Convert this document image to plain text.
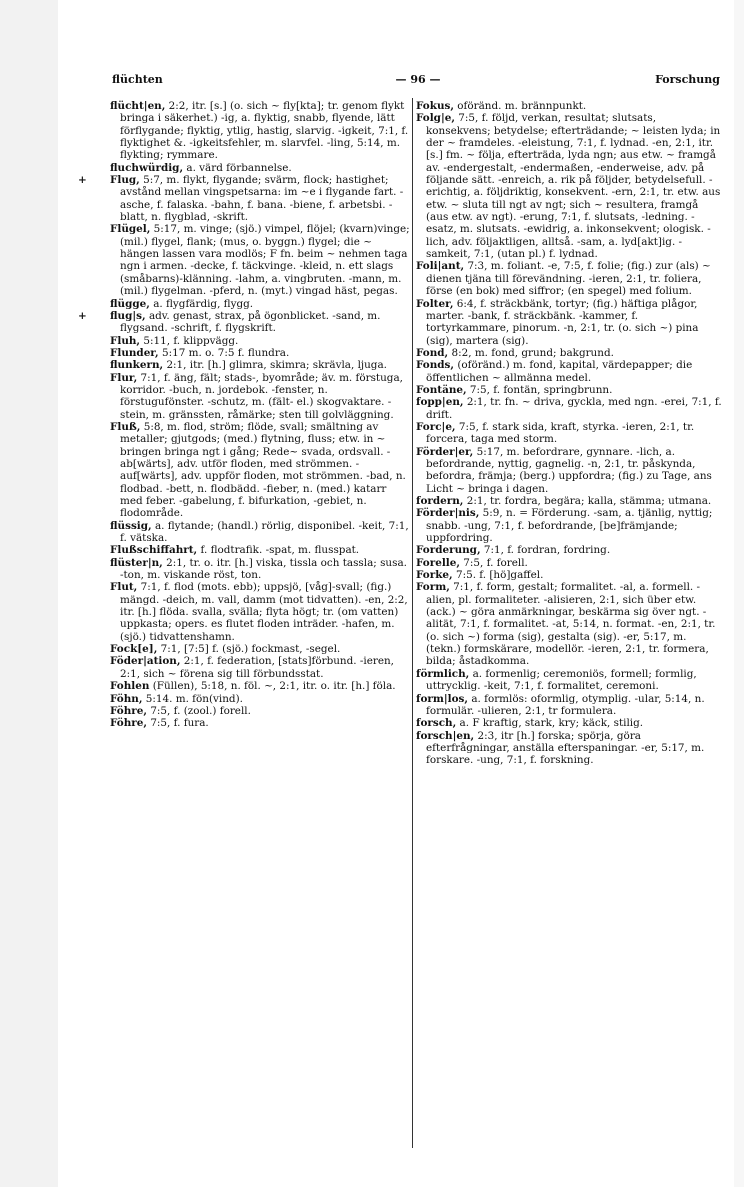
flüchten	— 96 —	Forschung

flücht|en, 2:2, itr. [s.] (o. sich ~ fly[kta]; tr. genom flykt bringa i säkerhet.) -ig, a. flyktig, snabb, flyende, lätt förflygande; flyktig, ytlig, hastig, slarvig. -igkeit, 7:1, f. flyktighet &. -igkeitsfehler, m. slarvfel. -ling, 5:14, m. flykting; rymmare.

fluchwürdig, a. värd förbannelse.

+ Flug, 5:7, m. flykt, flygande; svärm, flock; hastighet; avstånd mellan vingspetsarna: im ~e i flygande fart. -asche, f. falaska. -bahn, f. bana. -biene, f. arbetsbi. -blatt, n. flygblad, -skrift.

Flügel, 5:17, m. vinge; (sjö.) vimpel, flöjel; (kvarn)vinge; (mil.) flygel, flank; (mus, o. byggn.) flygel; die ~ hängen lassen vara modlös; F fn. beim ~ nehmen taga ngn i armen. -decke, f. täckvinge. -kleid, n. ett slags (småbarns)-klänning. -lahm, a. vingbruten. -mann, m. (mil.) flygelman. -pferd, n. (myt.) vingad häst, pegas.

flügge, a. flygfärdig, flygg.

+ flug|s, adv. genast, strax, på ögonblicket. -sand, m. flygsand. -schrift, f. flygskrift.

Fluh, 5:11, f. klippvägg.

Flunder, 5:17 m. o. 7:5 f. flundra.

flunkern, 2:1, itr. [h.] glimra, skimra; skrävla, ljuga.

Flur, 7:1, f. äng, fält; stads-, byområde; äv. m. förstuga, korridor. -buch, n. jordebok. -fenster, n. förstugufönster. -schutz, m. (fält- el.) skogvaktare. -stein, m. gränssten, råmärke; sten till golvläggning.

Fluß, 5:8, m. flod, ström; flöde, svall; smältning av metaller; gjutgods; (med.) flytning, fluss; etw. in ~ bringen bringa ngt i gång; Rede~ svada, ordsvall. -ab[wärts], adv. utför floden, med strömmen. -auf[wärts], adv. uppför floden, mot strömmen. -bad, n. flodbad. -bett, n. flodbädd. -fieber, n. (med.) katarr med feber. -gabelung, f. bifurkation, -gebiet, n. flodområde.

flüssig, a. flytande; (handl.) rörlig, disponibel. -keit, 7:1, f. vätska.

Flußschiffahrt, f. flodtrafik. -spat, m. flusspat.

flüster|n, 2:1, tr. o. itr. [h.] viska, tissla och tassla; susa. -ton, m. viskande röst, ton.

Flut, 7:1, f. flod (mots. ebb); uppsjö, [våg]-svall; (fig.) mängd. -deich, m. vall, damm (mot tidvatten). -en, 2:2, itr. [h.] flöda. svalla, svälla; flyta högt; tr. (om vatten) uppkasta; opers. es flutet floden inträder. -hafen, m. (sjö.) tidvattenshamn.

Fock[e], 7:1, [7:5] f. (sjö.) fockmast, -segel.

Föder|ation, 2:1, f. federation, [stats]förbund. -ieren, 2:1, sich ~ förena sig till förbundsstat.

Fohlen (Füllen), 5:18, n. föl. ~, 2:1, itr. o. itr. [h.] föla.

Föhn, 5:14. m. fön(vind).

Föhre, 7:5, f. (zool.) forell.

Föhre, 7:5, f. fura.

Fokus, oföränd. m. brännpunkt.

Folg|e, 7:5, f. följd, verkan, resultat; slutsats, konsekvens; betydelse; efterträdande; ~ leisten lyda; in der ~ framdeles. -eleistung, 7:1, f. lydnad. -en, 2:1, itr. [s.] fm. ~ följa, efterträda, lyda ngn; aus etw. ~ framgå av. -endergestalt, -endermaßen, -enderweise, adv. på följande sätt. -enreich, a. rik på följder, betydelsefull. -erichtig, a. följdriktig, konsekvent. -ern, 2:1, tr. etw. aus etw. ~ sluta till ngt av ngt; sich ~ resultera, framgå (aus etw. av ngt). -erung, 7:1, f. slutsats, -ledning. -esatz, m. slutsats. -ewidrig, a. inkonsekvent; ologisk. -lich, adv. följaktligen, alltså. -sam, a. lyd[akt]ig. -samkeit, 7:1, (utan pl.) f. lydnad.

Foli|ant, 7:3, m. foliant. -e, 7:5, f. folie; (fig.) zur (als) ~ dienen tjäna till förevändning. -ieren, 2:1, tr. foliera, förse (en bok) med siffror; (en spegel) med folium.

Folter, 6:4, f. sträckbänk, tortyr; (fig.) häftiga plågor, marter. -bank, f. sträckbänk. -kammer, f. tortyrkammare, pinorum. -n, 2:1, tr. (o. sich ~) pina (sig), martera (sig).

Fond, 8:2, m. fond, grund; bakgrund.

Fonds, (oföränd.) m. fond, kapital, värdepapper; die öffentlichen ~ allmänna medel.

Fontäne, 7:5, f. fontän, springbrunn.

fopp|en, 2:1, tr. fn. ~ driva, gyckla, med ngn. -erei, 7:1, f. drift.

Forc|e, 7:5, f. stark sida, kraft, styrka. -ieren, 2:1, tr. forcera, taga med storm.

Förder|er, 5:17, m. befordrare, gynnare. -lich, a. befordrande, nyttig, gagnelig. -n, 2:1, tr. påskynda, befordra, främja; (berg.) uppfordra; (fig.) zu Tage, ans Licht ~ bringa i dagen.

fordern, 2:1, tr. fordra, begära; kalla, stämma; utmana.

Förder|nis, 5:9, n. = Förderung. -sam, a. tjänlig, nyttig; snabb. -ung, 7:1, f. befordrande, [be]främjande; uppfordring.

Forderung, 7:1, f. fordran, fordring.

Forelle, 7:5, f. forell.

Forke, 7:5. f. [hö]gaffel.

Form, 7:1, f. form, gestalt; formalitet. -al, a. formell. -alien, pl. formaliteter. -alisieren, 2:1, sich über etw. (ack.) ~ göra anmärkningar, beskärma sig över ngt. -alität, 7:1, f. formalitet. -at, 5:14, n. format. -en, 2:1, tr. (o. sich ~) forma (sig), gestalta (sig). -er, 5:17, m. (tekn.) formskärare, modellör. -ieren, 2:1, tr. formera, bilda; åstadkomma.

förmlich, a. formenlig; ceremoniös, formell; formlig, uttrycklig. -keit, 7:1, f. formalitet, ceremoni.

form|los, a. formlös: oformlig, otymplig. -ular, 5:14, n. formulär. -ulieren, 2:1, tr formulera.

forsch, a. F kraftig, stark, kry; käck, stilig.

forsch|en, 2:3, itr [h.] forska; spörja, göra efterfrågningar, anställa efterspaningar. -er, 5:17, m. forskare. -ung, 7:1, f. forskning.
